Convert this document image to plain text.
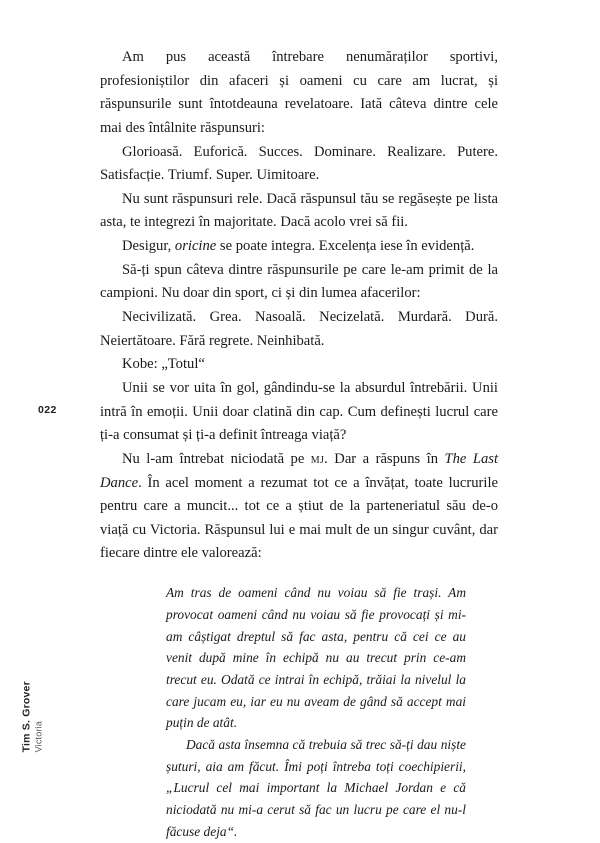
022
Tim S. Grover Victoria

Am pus această întrebare nenumăraților sportivi, profesioniștilor din afaceri și oameni cu care am lucrat, și răspunsurile sunt întotdeauna revelatoare. Iată câteva dintre cele mai des întâlnite răspunsuri:

Glorioasă. Euforică. Succes. Dominare. Realizare. Putere. Satisfacție. Triumf. Super. Uimitoare.

Nu sunt răspunsuri rele. Dacă răspunsul tău se regăsește pe lista asta, te integrezi în majoritate. Dacă acolo vrei să fii.

Desigur, oricine se poate integra. Excelența iese în evidență.

Să-ți spun câteva dintre răspunsurile pe care le-am primit de la campioni. Nu doar din sport, ci și din lumea afacerilor:

Necivilizată. Grea. Nasoală. Necizelată. Murdară. Dură. Neiertătoare. Fără regrete. Neinhibată.

Kobe: „Totul“

Unii se vor uita în gol, gândindu-se la absurdul întrebării. Unii intră în emoții. Unii doar clatină din cap. Cum definești lucrul care ți-a consumat și ți-a definit întreaga viață?

Nu l-am întrebat niciodată pe mj. Dar a răspuns în The Last Dance. În acel moment a rezumat tot ce a învățat, toate lucrurile pentru care a muncit... tot ce a știut de la parteneriatul său de-o viață cu Victoria. Răspunsul lui e mai mult de un singur cuvânt, dar fiecare dintre ele valorează:

Am tras de oameni când nu voiau să fie trași. Am provocat oameni când nu voiau să fie provocați și mi-am câștigat dreptul să fac asta, pentru că cei ce au venit după mine în echipă nu au trecut prin ce-am trecut eu. Odată ce intrai în echipă, trăiai la nivelul la care jucam eu, iar eu nu aveam de gând să accept mai puțin de atât.

Dacă asta însemna că trebuia să trec să-ți dau niște șuturi, aia am făcut. Îmi poți întreba toți coechipierii, „Lucrul cel mai important la Michael Jordan e că niciodată nu mi-a cerut să fac un lucru pe care el nu-l făcuse deja“.
